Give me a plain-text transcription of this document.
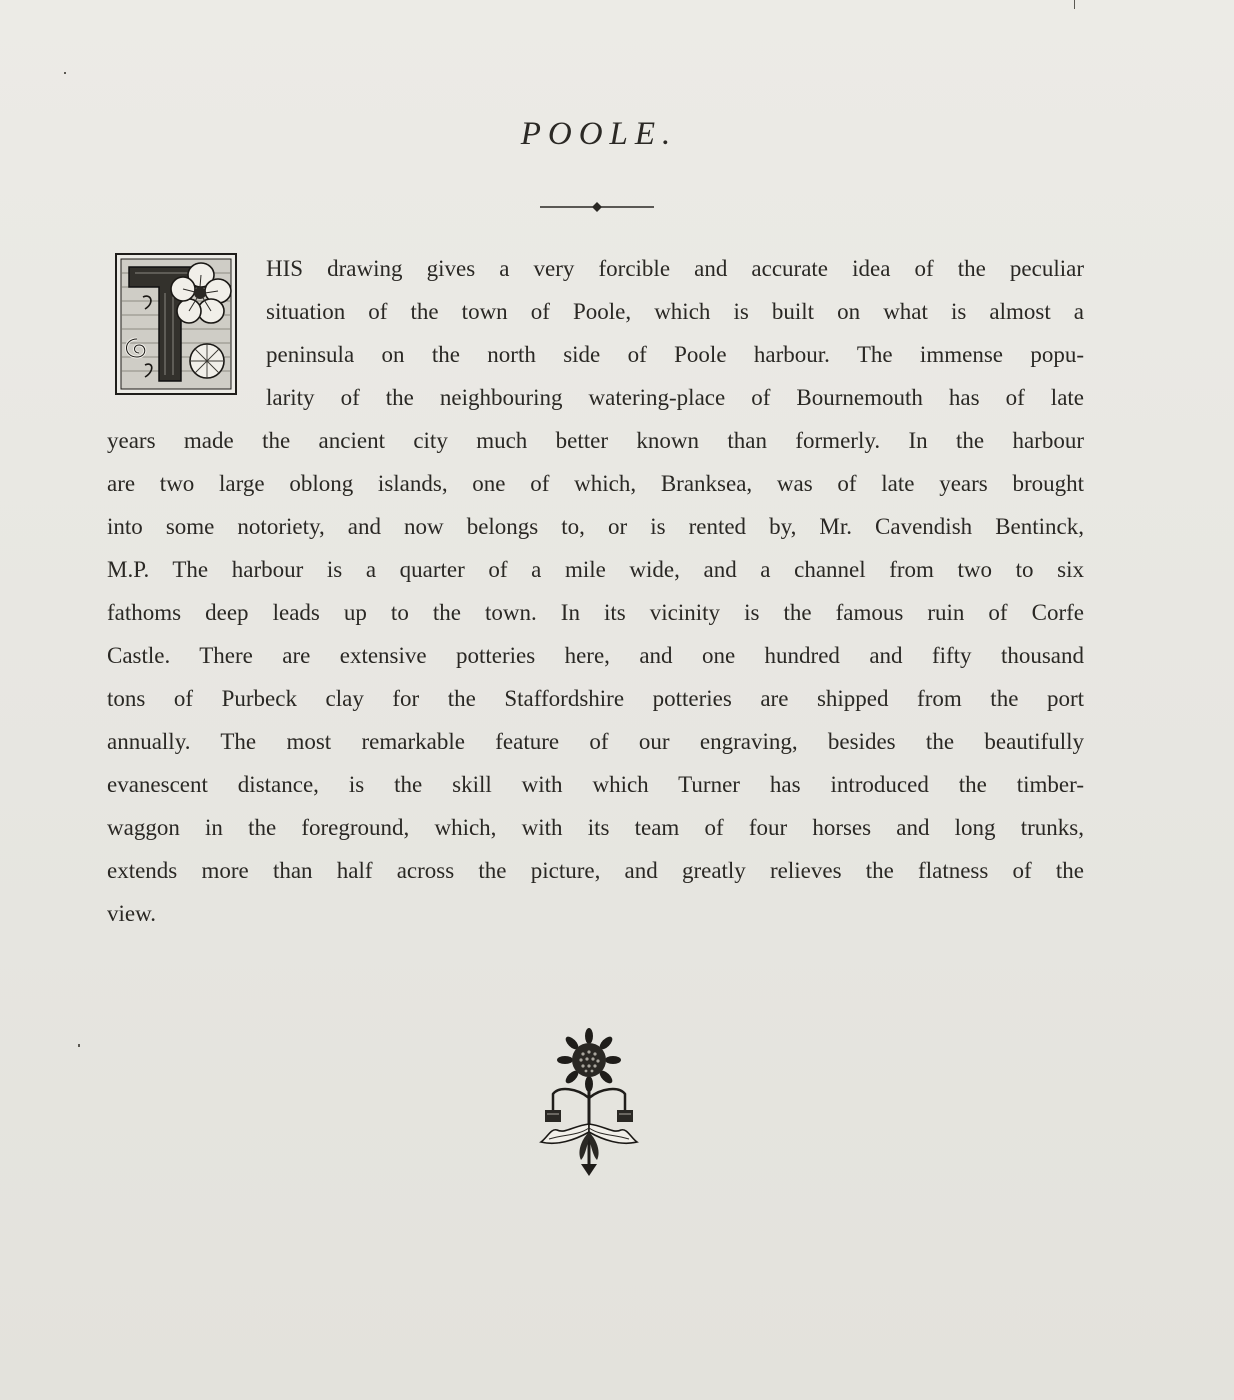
POOLE.
HIS drawing gives a very forcible and accurate idea of the peculiar
situation of the town of Poole, which is built on what is almost a
peninsula on the north side of Poole harbour. The immense popu-
larity of the neighbouring watering-place of Bournemouth has of late
years made the ancient city much better known than formerly. In the harbour
are two large oblong islands, one of which, Branksea, was of late years brought
into some notoriety, and now belongs to, or is rented by, Mr. Cavendish Bentinck,
M.P. The harbour is a quarter of a mile wide, and a channel from two to six
fathoms deep leads up to the town. In its vicinity is the famous ruin of Corfe
Castle. There are extensive potteries here, and one hundred and fifty thousand
tons of Purbeck clay for the Staffordshire potteries are shipped from the port
annually. The most remarkable feature of our engraving, besides the beautifully
evanescent distance, is the skill with which Turner has introduced the timber-
waggon in the foreground, which, with its team of four horses and long trunks,
extends more than half across the picture, and greatly relieves the flatness of the
view.
